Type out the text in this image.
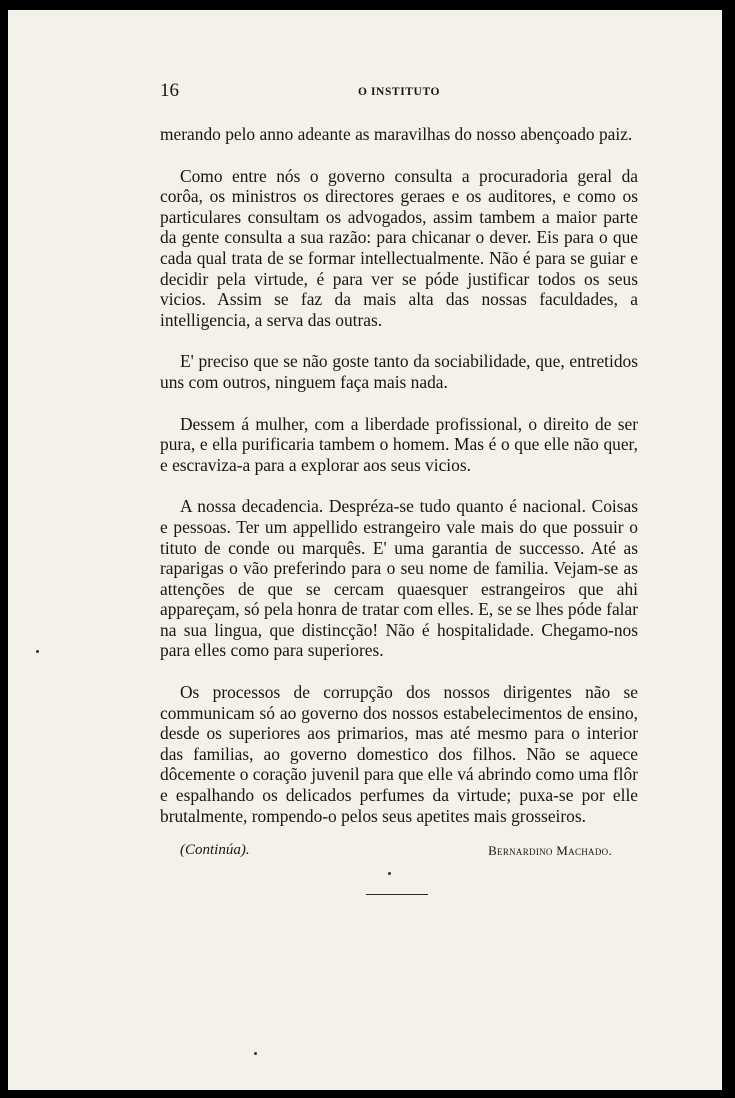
16	O INSTITUTO

merando pelo anno adeante as maravilhas do nosso abençoado paiz.

Como entre nós o governo consulta a procuradoria geral da corôa, os ministros os directores geraes e os auditores, e como os particulares consultam os advogados, assim tambem a maior parte da gente consulta a sua razão: para chicanar o dever. Eis para o que cada qual trata de se formar intellectualmente. Não é para se guiar e decidir pela virtude, é para ver se póde justificar todos os seus vicios. Assim se faz da mais alta das nossas faculdades, a intelligencia, a serva das outras.

E' preciso que se não goste tanto da sociabilidade, que, entretidos uns com outros, ninguem faça mais nada.

Dessem á mulher, com a liberdade profissional, o direito de ser pura, e ella purificaria tambem o homem. Mas é o que elle não quer, e escraviza-a para a explorar aos seus vicios.

A nossa decadencia. Despréza-se tudo quanto é nacional. Coisas e pessoas. Ter um appellido estrangeiro vale mais do que possuir o tituto de conde ou marquês. E' uma garantia de successo. Até as raparigas o vão preferindo para o seu nome de familia. Vejam-se as attenções de que se cercam quaesquer estrangeiros que ahi appareçam, só pela honra de tratar com elles. E, se se lhes póde falar na sua lingua, que distincção! Não é hospitalidade. Chegamo-nos para elles como para superiores.

Os processos de corrupção dos nossos dirigentes não se communicam só ao governo dos nossos estabelecimentos de ensino, desde os superiores aos primarios, mas até mesmo para o interior das familias, ao governo domestico dos filhos. Não se aquece dôcemente o coração juvenil para que elle vá abrindo como uma flôr e espalhando os delicados perfumes da virtude; puxa-se por elle brutalmente, rompendo-o pelos seus apetites mais grosseiros.

(Continúa).	Bernardino Machado.
